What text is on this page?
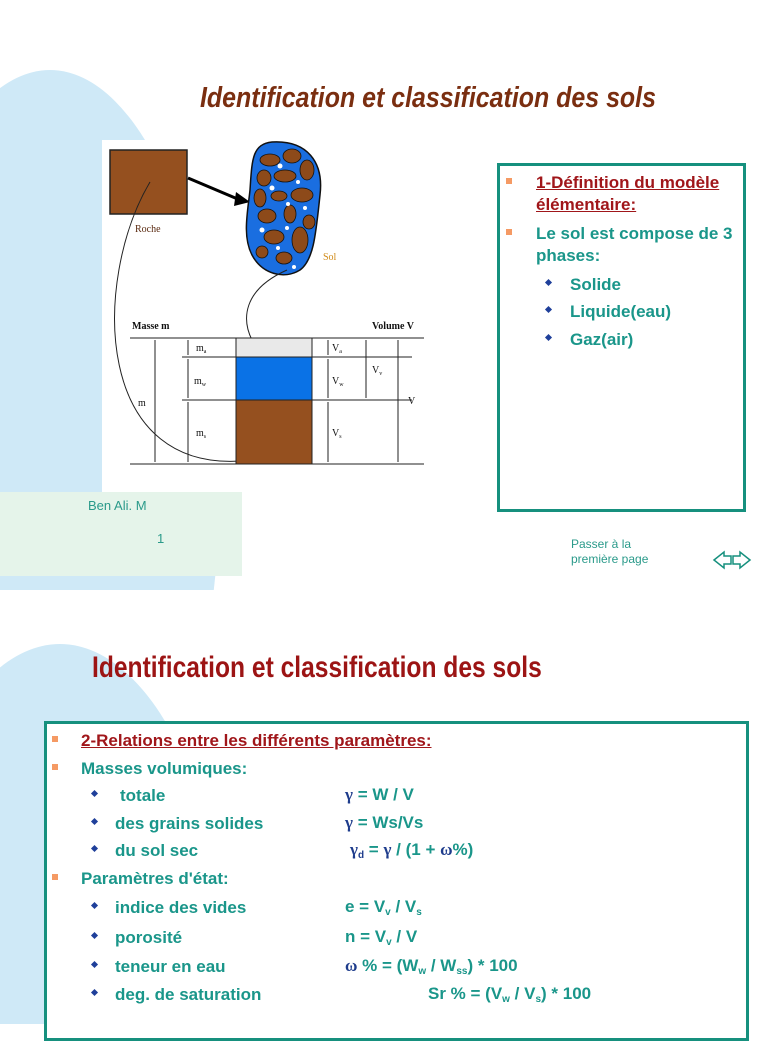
Identification et classification des sols
Roche
Sol
Masse m	Volume V
m
$m_a$
$m_w$
$m_s$
$V_a$
$V_w$
$V_s$
$V_v$
V
1-Définition du modèle élémentaire:
Le sol est compose de 3 phases:
Solide
Liquide(eau)
Gaz(air)
Ben Ali. M
1	Passer à la première page
Identification et classification des sols
2-Relations entre les différents paramètres:
Masses volumiques:
totale	γ = W / V
des grains solides	γ = Ws/Vs
du sol sec	$\gamma_d = \gamma / (1 + \omega\%)$
Paramètres d'état:
indice des vides	$e = V_v / V_s$
porosité	$n = V_v / V$
teneur en eau	ω % = $(W_w / W_{ss}) * 100$
deg. de saturation	Sr % = $(V_w / V_s) * 100$
